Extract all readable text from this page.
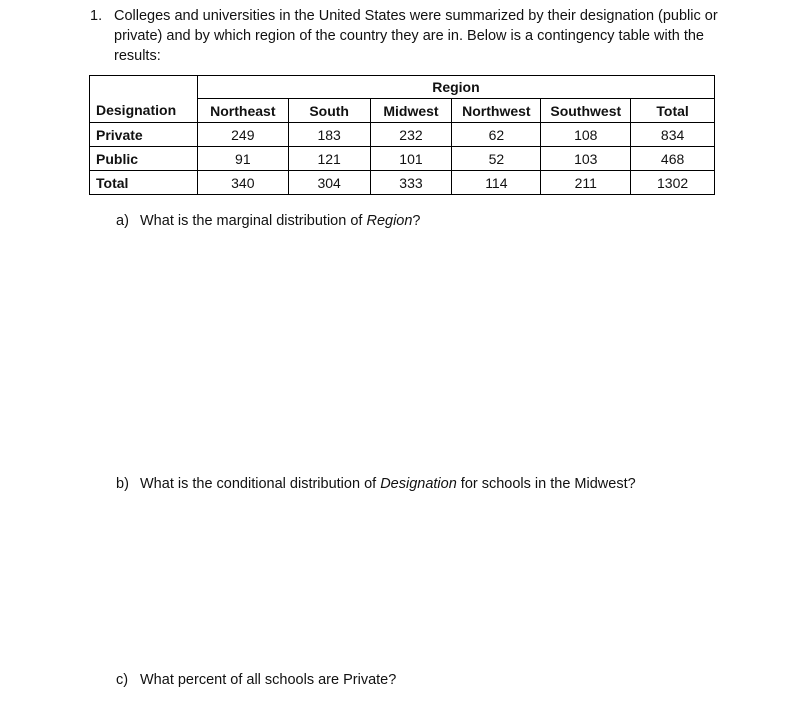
1. Colleges and universities in the United States were summarized by their designation (public or private) and by which region of the country they are in. Below is a contingency table with the results:
	Region					
Designation	Northeast	South	Midwest	Northwest	Southwest	Total
Private	249	183	232	62	108	834
Public	91	121	101	52	103	468
Total	340	304	333	114	211	1302
a) What is the marginal distribution of Region?
b) What is the conditional distribution of Designation for schools in the Midwest?
c) What percent of all schools are Private?
